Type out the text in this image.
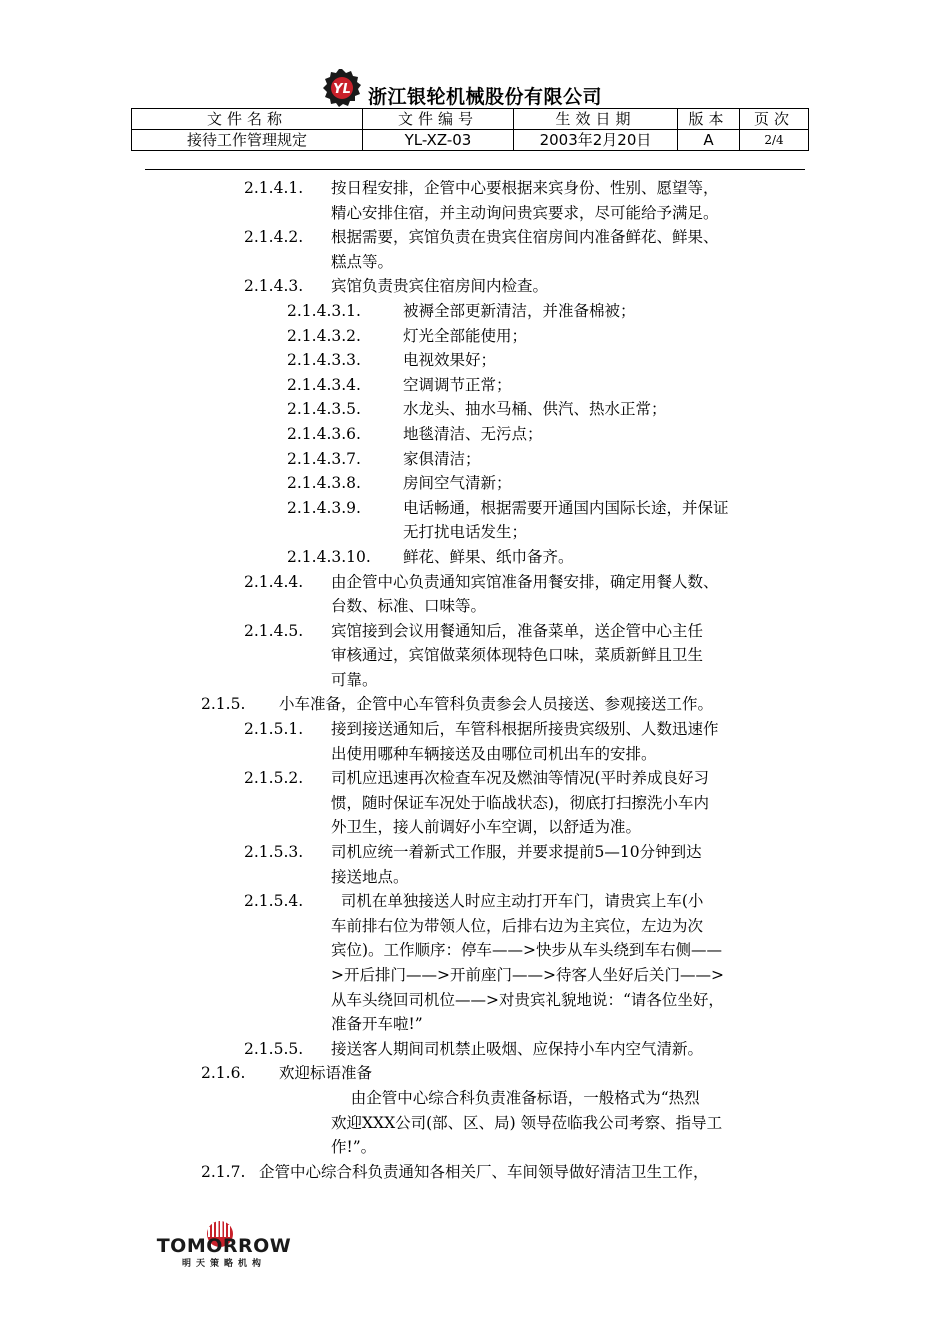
YL 浙江银轮机械股份有限公司
文件名称	文件编号	生效日期	版本	页次
接待工作管理规定	YL-XZ-03	2003年2月20日	A	2/4
2.1.4.1. 按日程安排，企管中心要根据来宾身份、性别、愿望等，
精心安排住宿，并主动询问贵宾要求，尽可能给予满足。
2.1.4.2. 根据需要，宾馆负责在贵宾住宿房间内准备鲜花、鲜果、
糕点等。
2.1.4.3. 宾馆负责贵宾住宿房间内检查。
2.1.4.3.1.	被褥全部更新清洁，并准备棉被；
2.1.4.3.2.	灯光全部能使用；
2.1.4.3.3.	电视效果好；
2.1.4.3.4.	空调调节正常；
2.1.4.3.5.	水龙头、抽水马桶、供汽、热水正常；
2.1.4.3.6.	地毯清洁、无污点；
2.1.4.3.7.	家俱清洁；
2.1.4.3.8.	房间空气清新；
2.1.4.3.9.	电话畅通，根据需要开通国内国际长途，并保证
无打扰电话发生；
2.1.4.3.10. 鲜花、鲜果、纸巾备齐。
2.1.4.4. 由企管中心负责通知宾馆准备用餐安排，确定用餐人数、
台数、标准、口味等。
2.1.4.5. 宾馆接到会议用餐通知后，准备菜单，送企管中心主任
审核通过，宾馆做菜须体现特色口味，菜质新鲜且卫生
可靠。
2.1.5. 小车准备，企管中心车管科负责参会人员接送、参观接送工作。
2.1.5.1. 接到接送通知后，车管科根据所接贵宾级别、人数迅速作
出使用哪种车辆接送及由哪位司机出车的安排。
2.1.5.2. 司机应迅速再次检查车况及燃油等情况(平时养成良好习
惯，随时保证车况处于临战状态)，彻底打扫擦洗小车内
外卫生，接人前调好小车空调，以舒适为准。
2.1.5.3. 司机应统一着新式工作服，并要求提前5—10分钟到达
接送地点。
2.1.5.4. 司机在单独接送人时应主动打开车门，请贵宾上车(小
车前排右位为带领人位，后排右边为主宾位，左边为次
宾位)。工作顺序：停车——>快步从车头绕到车右侧——
>开后排门——>开前座门——>待客人坐好后关门——>
从车头绕回司机位——>对贵宾礼貌地说：“请各位坐好，
准备开车啦!”
2.1.5.5. 接送客人期间司机禁止吸烟、应保持小车内空气清新。
2.1.6. 欢迎标语准备
由企管中心综合科负责准备标语，一般格式为“热烈
欢迎XXX公司(部、区、局) 领导莅临我公司考察、指导工
作!”。
2.1.7. 企管中心综合科负责通知各相关厂、车间领导做好清洁卫生工作，
TOMORROW
明天策略机构
